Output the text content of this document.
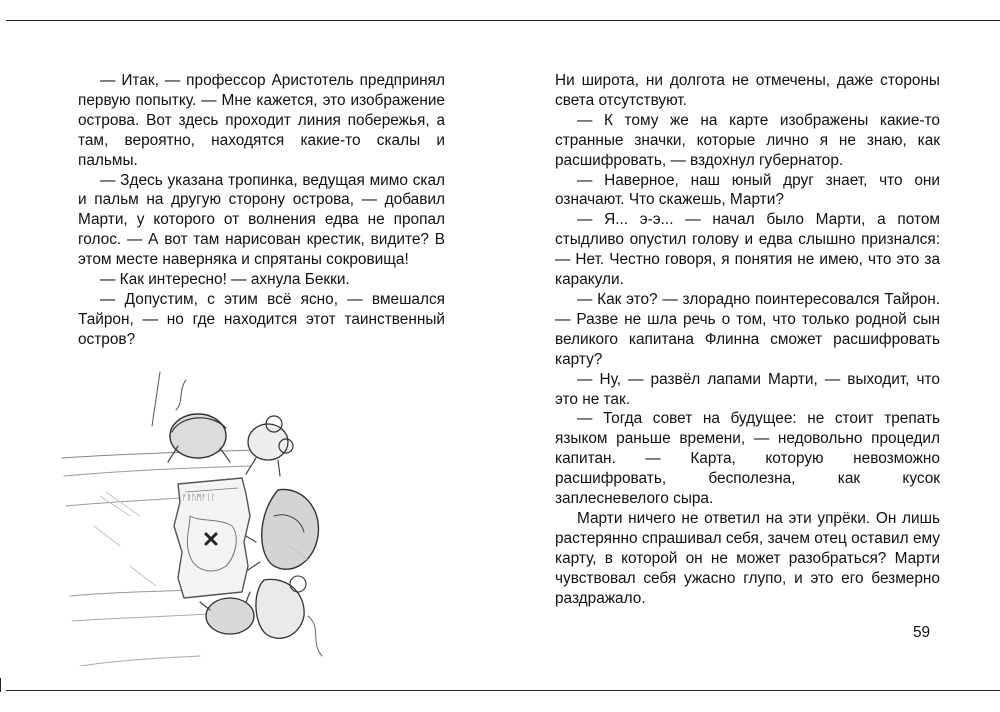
— Итак, — профессор Аристотель предпринял первую попытку. — Мне кажется, это изображение острова. Вот здесь проходит линия побережья, а там, вероятно, находятся какие-то скалы и пальмы.

— Здесь указана тропинка, ведущая мимо скал и пальм на другую сторону острова, — добавил Марти, у которого от волнения едва не пропал голос. — А вот там нарисован крестик, видите? В этом месте наверняка и спрятаны сокровища!

— Как интересно! — ахнула Бекки.

— Допустим, с этим всё ясно, — вмешался Тайрон, — но где находится этот таинственный остров?

ᚠᚱᚢᛗᚨᛁᛚ

Ни широта, ни долгота не отмечены, даже стороны света отсутствуют.

— К тому же на карте изображены какие-то странные значки, которые лично я не знаю, как расшифровать, — вздохнул губернатор.

— Наверное, наш юный друг знает, что они означают. Что скажешь, Марти?

— Я... э-э... — начал было Марти, а потом стыдливо опустил голову и едва слышно признался: — Нет. Честно говоря, я понятия не имею, что это за каракули.

— Как это? — злорадно поинтересовался Тайрон. — Разве не шла речь о том, что только родной сын великого капитана Флинна сможет расшифровать карту?

— Ну, — развёл лапами Марти, — выходит, что это не так.

— Тогда совет на будущее: не стоит трепать языком раньше времени, — недовольно процедил капитан. — Карта, которую невозможно расшифровать, бесполезна, как кусок заплесневелого сыра.

Марти ничего не ответил на эти упрёки. Он лишь растерянно спрашивал себя, зачем отец оставил ему карту, в которой он не может разобраться? Марти чувствовал себя ужасно глупо, и это его безмерно раздражало.

59
